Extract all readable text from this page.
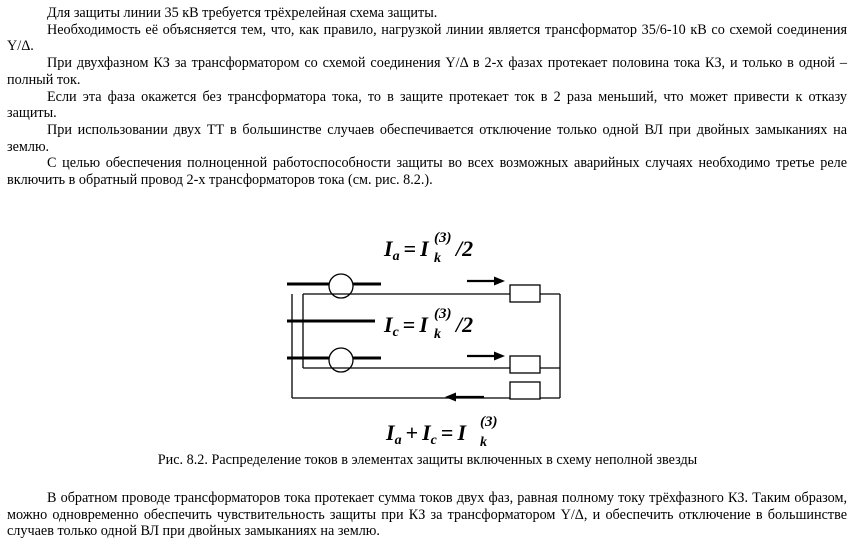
Для защиты линии 35 кВ требуется трёхрелейная схема защиты.

Необходимость её объясняется тем, что, как правило, нагрузкой линии является трансформатор 35/6-10 кВ со схемой соединения Y/Δ.

При двухфазном КЗ за трансформатором со схемой соединения Y/Δ в 2-х фазах протекает половина тока КЗ, и только в одной – полный ток.

Если эта фаза окажется без трансформатора тока, то в защите протекает ток в 2 раза меньший, что может привести к отказу защиты.

При использовании двух ТТ в большинстве случаев обеспечивается отключение только одной ВЛ при двойных замыканиях на землю.

С целью обеспечения полноценной работоспособности защиты во всех возможных аварийных случаях необходимо третье реле включить в обратный провод 2-х трансформаторов тока (см. рис. 8.2.).

Ia = I (3)
k /2
Ic = I (3)
k /2
Ia + Ic = I (3)
k
Рис. 8.2. Распределение токов в элементах защиты включенных в схему неполной звезды

В обратном проводе трансформаторов тока протекает сумма токов двух фаз, равная полному току трёхфазного КЗ. Таким образом, можно одновременно обеспечить чувствительность защиты при КЗ за трансформатором Y/Δ, и обеспечить отключение в большинстве случаев только одной ВЛ при двойных замыканиях на землю.
